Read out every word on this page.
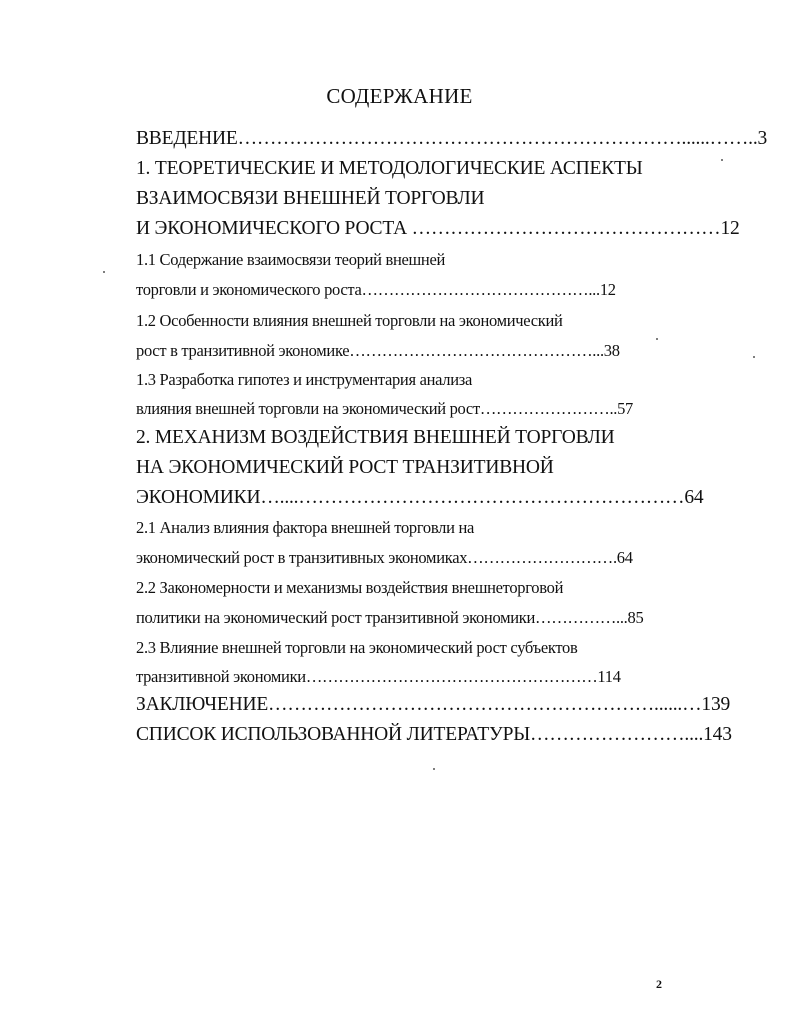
СОДЕРЖАНИЕ

ВВЕДЕНИЕ……………………………………………………………......……..3

1. ТЕОРЕТИЧЕСКИЕ И МЕТОДОЛОГИЧЕСКИЕ АСПЕКТЫ

ВЗАИМОСВЯЗИ ВНЕШНЕЙ ТОРГОВЛИ

И ЭКОНОМИЧЕСКОГО РОСТА …………………………………………12

1.1 Содержание взаимосвязи теорий внешней

торговли и экономического роста……………………………………...12

1.2 Особенности влияния внешней торговли на экономический

рост в транзитивной экономике………………………………………...38

1.3 Разработка гипотез и инструментария анализа

влияния внешней торговли на экономический рост……………………..57

2. МЕХАНИЗМ ВОЗДЕЙСТВИЯ ВНЕШНЕЙ ТОРГОВЛИ

НА ЭКОНОМИЧЕСКИЙ РОСТ ТРАНЗИТИВНОЙ

ЭКОНОМИКИ…....……………………………………………………64

2.1 Анализ влияния фактора внешней торговли на

экономический рост в транзитивных экономиках……………………….64

2.2 Закономерности и механизмы воздействия внешнеторговой

политики на экономический рост транзитивной экономики……………...85

2.3 Влияние внешней торговли на экономический рост субъектов

транзитивной экономики………………………………………………114

ЗАКЛЮЧЕНИЕ……………………………………………………......…139

СПИСОК ИСПОЛЬЗОВАННОЙ ЛИТЕРАТУРЫ……………………....143

2
